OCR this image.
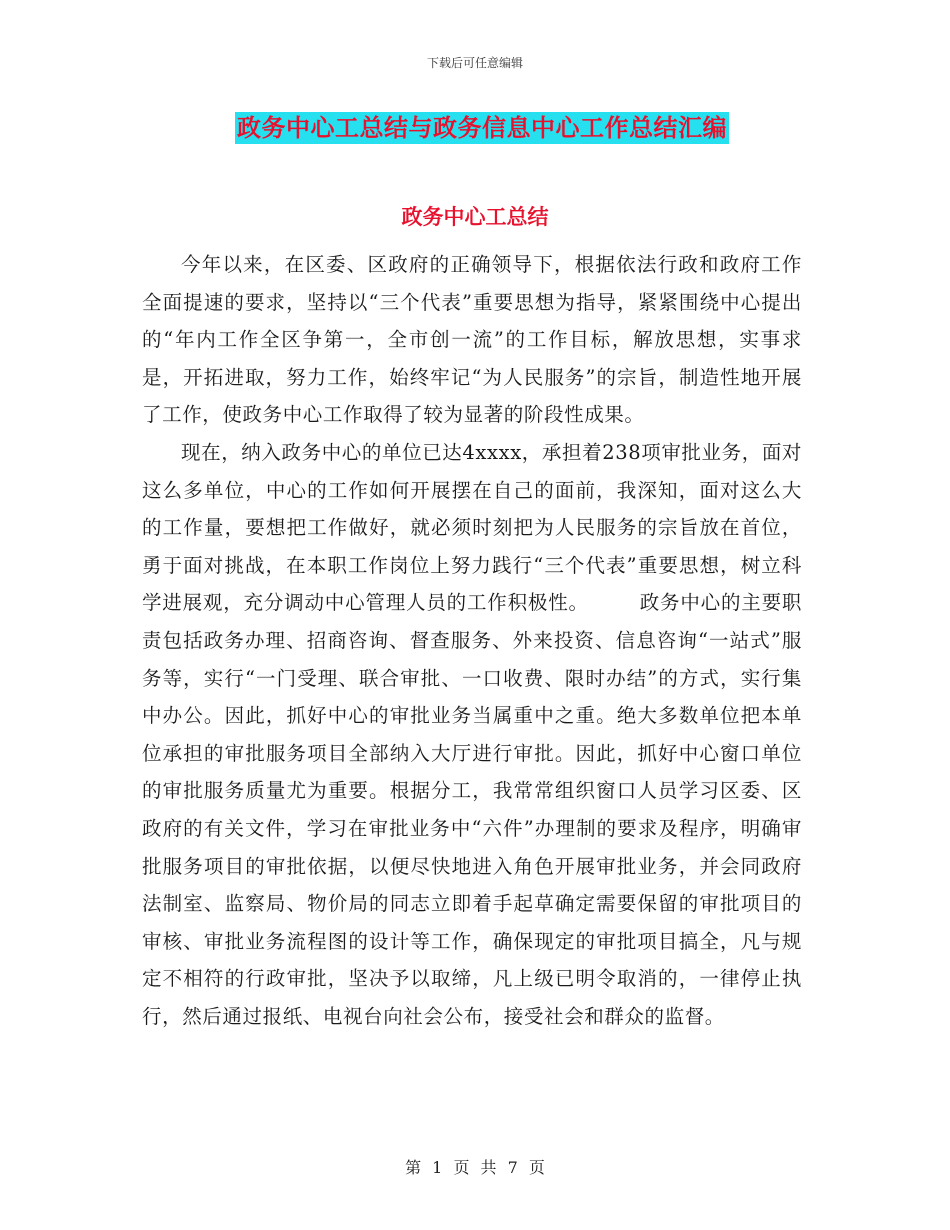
下载后可任意编辑
政务中心工总结与政务信息中心工作总结汇编
政务中心工总结

今年以来，在区委、区政府的正确领导下，根据依法行政和政府工作全面提速的要求，坚持以“三个代表”重要思想为指导，紧紧围绕中心提出的“年内工作全区争第一，全市创一流”的工作目标，解放思想，实事求是，开拓进取，努力工作，始终牢记“为人民服务”的宗旨，制造性地开展了工作，使政务中心工作取得了较为显著的阶段性成果。

现在，纳入政务中心的单位已达4xxxx，承担着238项审批业务，面对这么多单位，中心的工作如何开展摆在自己的面前，我深知，面对这么大的工作量，要想把工作做好，就必须时刻把为人民服务的宗旨放在首位，勇于面对挑战，在本职工作岗位上努力践行“三个代表”重要思想，树立科学进展观，充分调动中心管理人员的工作积极性。	政务中心的主要职责包括政务办理、招商咨询、督查服务、外来投资、信息咨询“一站式”服务等，实行“一门受理、联合审批、一口收费、限时办结”的方式，实行集中办公。因此，抓好中心的审批业务当属重中之重。绝大多数单位把本单位承担的审批服务项目全部纳入大厅进行审批。因此，抓好中心窗口单位的审批服务质量尤为重要。根据分工，我常常组织窗口人员学习区委、区政府的有关文件，学习在审批业务中“六件”办理制的要求及程序，明确审批服务项目的审批依据，以便尽快地进入角色开展审批业务，并会同政府法制室、监察局、物价局的同志立即着手起草确定需要保留的审批项目的审核、审批业务流程图的设计等工作，确保现定的审批项目搞全，凡与规定不相符的行政审批，坚决予以取缔，凡上级已明令取消的，一律停止执行，然后通过报纸、电视台向社会公布，接受社会和群众的监督。

第 1 页 共 7 页
